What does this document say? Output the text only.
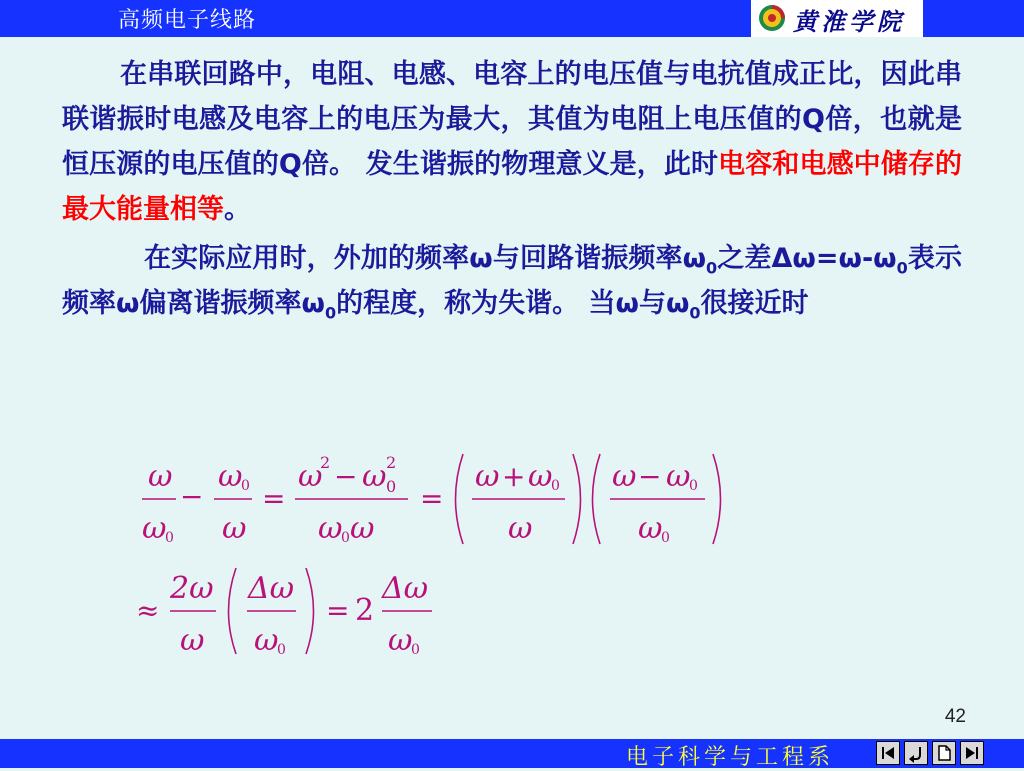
高频电子线路	黄淮学院

在串联回路中，电阻、电感、电容上的电压值与电抗值成正比，因此串联谐振时电感及电容上的电压为最大，其值为电阻上电压值的Q倍，也就是恒压源的电压值的Q倍。 发生谐振的物理意义是，此时电容和电感中储存的最大能量相等。

在实际应用时，外加的频率ω与回路谐振频率$\omega_0$之差$\Delta\omega=\omega-\omega_0$表示频率ω偏离谐振频率$\omega_0$的程度，称为失谐。 当ω与$\omega_0$很接近时

ω
ω
0
−
ω
0
ω
=
ω
2 − ω 2
0
ω
0 ω
=
ω + ω
0
ω
ω − ω
0
ω
0
≈
2ω
ω
Δω
ω
0
= 2
Δω
ω
0
42
电子科学与工程系
